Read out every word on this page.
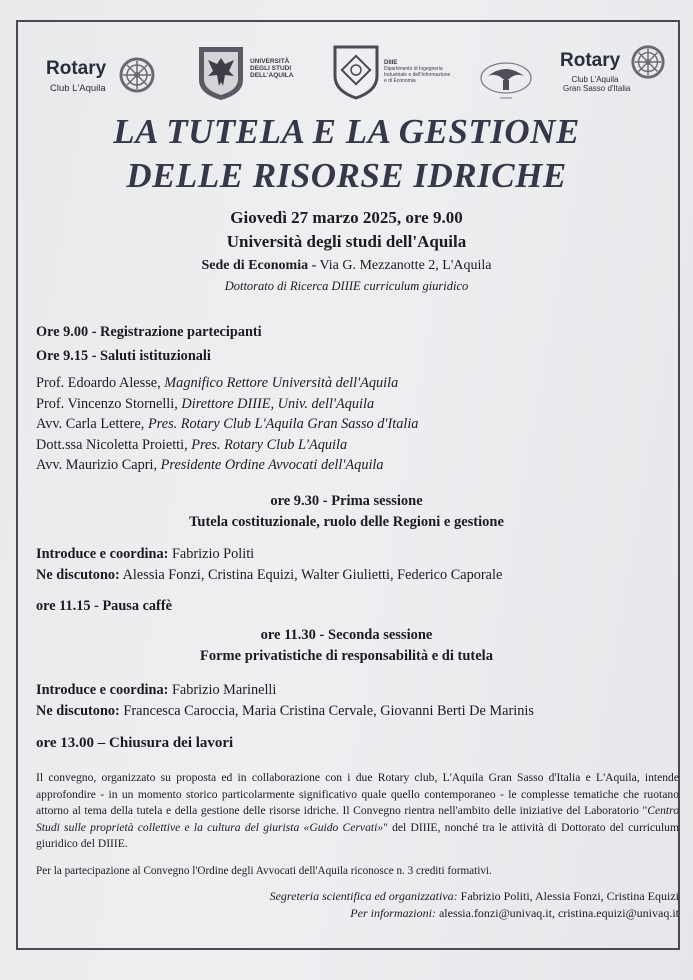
Rotary
Club L'Aquila
UNIVERSITÀ
DEGLI STUDI
DELL'AQUILA
DIIIE
Dipartimento di Ingegneria
Industriale e dell'Informazione
e di Economia
Rotary
Club L'Aquila
Gran Sasso d'Italia
LA TUTELA E LA GESTIONE
DELLE RISORSE IDRICHE
Giovedì 27 marzo 2025, ore 9.00
Università degli studi dell'Aquila
Sede di Economia - Via G. Mezzanotte 2, L'Aquila
Dottorato di Ricerca DIIIE curriculum giuridico
Ore 9.00 - Registrazione partecipanti
Ore 9.15 - Saluti istituzionali
Prof. Edoardo Alesse, Magnifico Rettore Università dell'Aquila
Prof. Vincenzo Stornelli, Direttore DIIIE, Univ. dell'Aquila
Avv. Carla Lettere, Pres. Rotary Club L'Aquila Gran Sasso d'Italia
Dott.ssa Nicoletta Proietti, Pres. Rotary Club L'Aquila
Avv. Maurizio Capri, Presidente Ordine Avvocati dell'Aquila
ore 9.30 - Prima sessione
Tutela costituzionale, ruolo delle Regioni e gestione
Introduce e coordina: Fabrizio Politi
Ne discutono: Alessia Fonzi, Cristina Equizi, Walter Giulietti, Federico Caporale
ore 11.15 - Pausa caffè
ore 11.30 - Seconda sessione
Forme privatistiche di responsabilità e di tutela
Introduce e coordina: Fabrizio Marinelli
Ne discutono: Francesca Caroccia, Maria Cristina Cervale, Giovanni Berti De Marinis
ore 13.00 – Chiusura dei lavori
Il convegno, organizzato su proposta ed in collaborazione con i due Rotary club, L'Aquila Gran Sasso d'Italia e L'Aquila, intende approfondire - in un momento storico particolarmente significativo quale quello contemporaneo - le complesse tematiche che ruotano attorno al tema della tutela e della gestione delle risorse idriche. Il Convegno rientra nell'ambito delle iniziative del Laboratorio "Centro Studi sulle proprietà collettive e la cultura del giurista «Guido Cervati»" del DIIIE, nonché tra le attività di Dottorato del curriculum giuridico del DIIIE.
Per la partecipazione al Convegno l'Ordine degli Avvocati dell'Aquila riconosce n. 3 crediti formativi.
Segreteria scientifica ed organizzativa: Fabrizio Politi, Alessia Fonzi, Cristina Equizi
Per informazioni: alessia.fonzi@univaq.it, cristina.equizi@univaq.it
